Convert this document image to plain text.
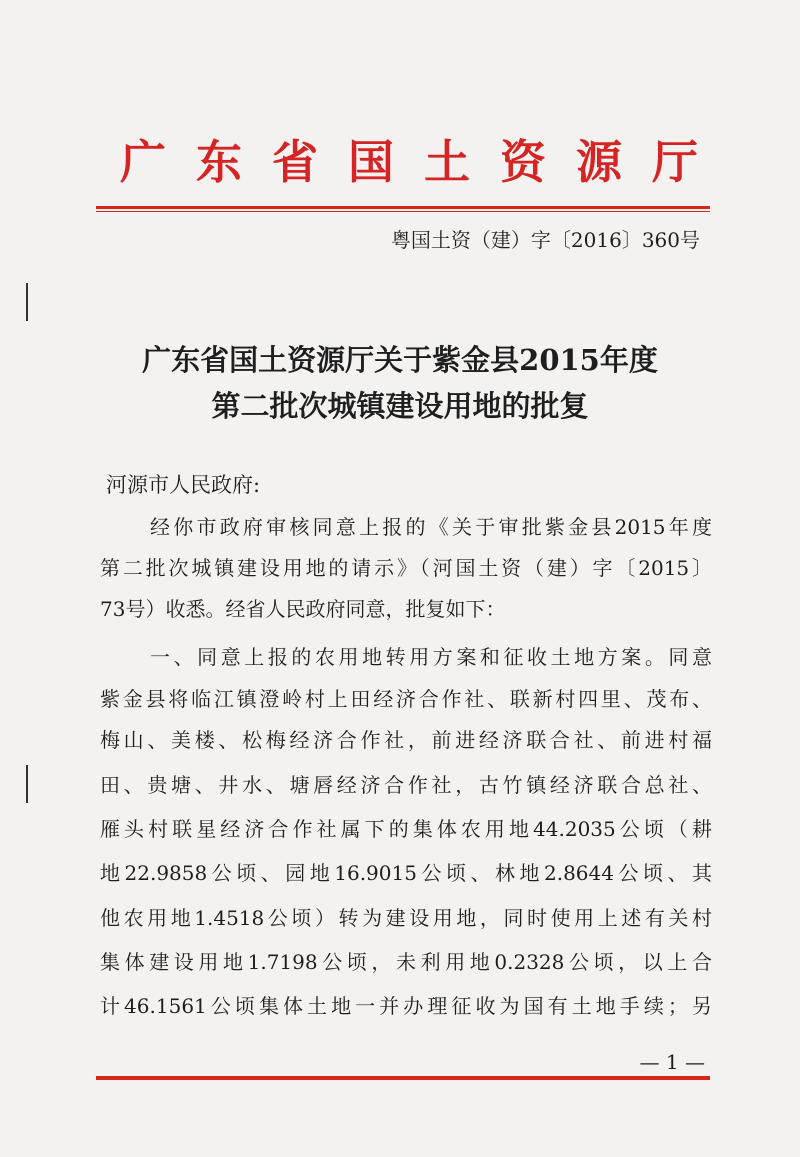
广东省国土资源厅
粤国土资（建）字〔2016〕360号
广东省国土资源厅关于紫金县2015年度
第二批次城镇建设用地的批复
河源市人民政府:
经你市政府审核同意上报的《关于审批紫金县2015年度
第二批次城镇建设用地的请示》（河国土资（建）字〔2015〕
73号）收悉。经省人民政府同意，批复如下：
一、同意上报的农用地转用方案和征收土地方案。同意
紫金县将临江镇澄岭村上田经济合作社、联新村四里、茂布、
梅山、美楼、松梅经济合作社，前进经济联合社、前进村福
田、贵塘、井水、塘唇经济合作社，古竹镇经济联合总社、
雁头村联星经济合作社属下的集体农用地44.2035公顷（耕
地22.9858公顷、园地16.9015公顷、林地2.8644公顷、其
他农用地1.4518公顷）转为建设用地，同时使用上述有关村
集体建设用地1.7198公顷，未利用地0.2328公顷，以上合
计46.1561公顷集体土地一并办理征收为国有土地手续；另
— 1 —
